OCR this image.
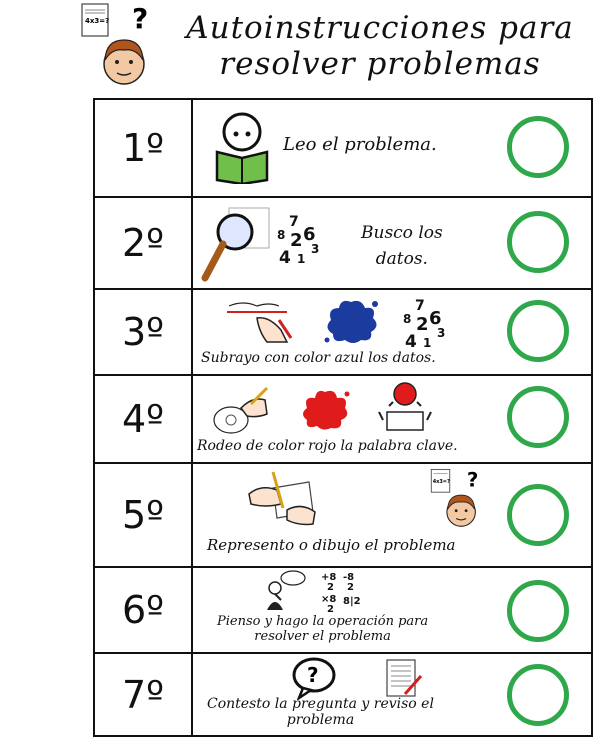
4x3=? ?	Autoinstrucciones para
resolver problemas
1º	Leo el problema.
2º	7
8 2 6
3
4 1
Busco los
datos.
3º
7
8 2 6
3
4 1
Subrayo con color azul los datos.
4º
Rodeo de color rojo la palabra clave.
5º
4x3=? ?
Represento o dibujo el problema
6º
+8
2
-8
2
×8
2
8|2
Pienso y hago la operación para
resolver el problema
7º	?
Contesto la pregunta y reviso el
problema
